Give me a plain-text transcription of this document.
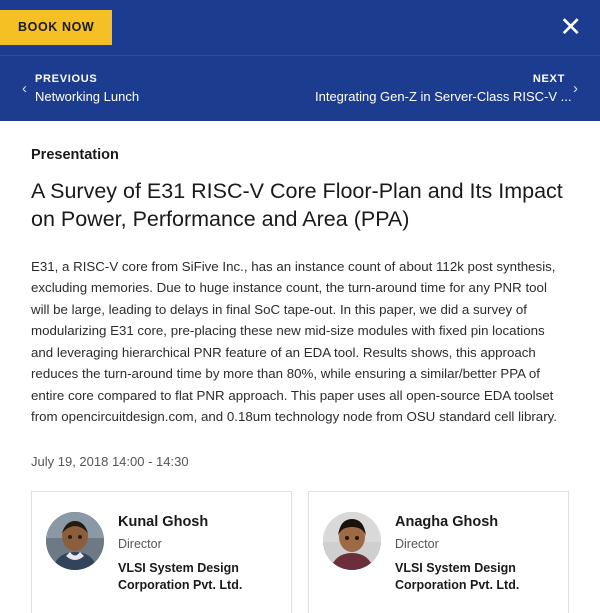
BOOK NOW	✕
‹
PREVIOUS
Networking Lunch
NEXT
Integrating Gen-Z in Server-Class RISC-V ... ›
Presentation
A Survey of E31 RISC-V Core Floor-Plan and Its Impact on Power, Performance and Area (PPA)

E31, a RISC-V core from SiFive Inc., has an instance count of about 112k post synthesis, excluding memories. Due to huge instance count, the turn-around time for any PNR tool will be large, leading to delays in final SoC tape-out. In this paper, we did a survey of modularizing E31 core, pre-placing these new mid-size modules with fixed pin locations and leveraging hierarchical PNR feature of an EDA tool. Results shows, this approach reduces the turn-around time by more than 80%, while ensuring a similar/better PPA of entire core compared to flat PNR approach. This paper uses all open-source EDA toolset from opencircuitdesign.com, and 0.18um technology node from OSU standard cell library.

July 19, 2018 14:00 - 14:30
Kunal Ghosh
Director
VLSI System Design Corporation Pvt. Ltd.
Anagha Ghosh
Director
VLSI System Design Corporation Pvt. Ltd.
